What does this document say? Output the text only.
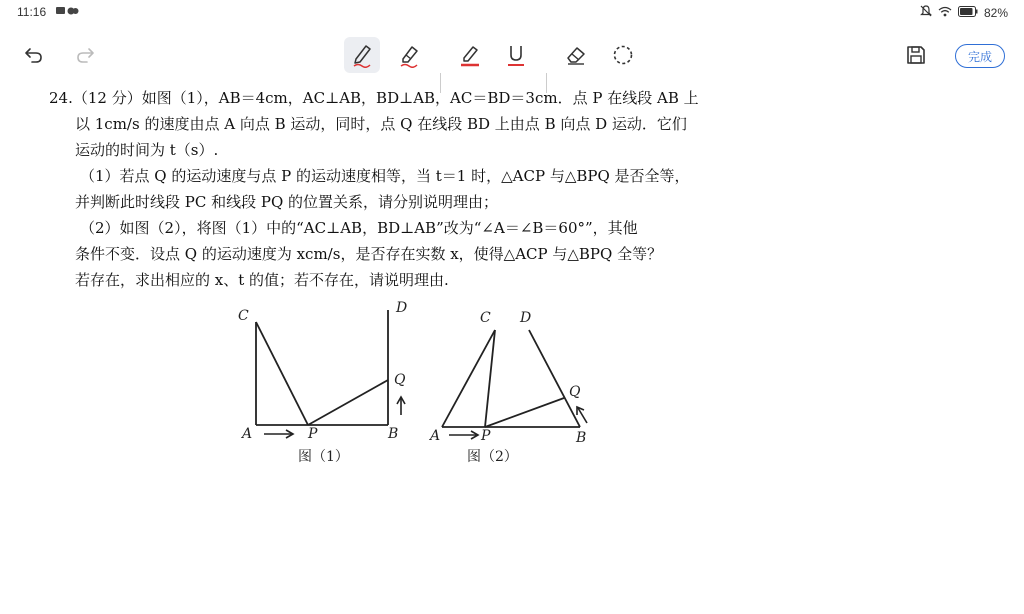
11:16	82%
完成
24.（12 分）如图（1），AB＝4cm，AC⊥AB，BD⊥AB，AC＝BD＝3cm．点 P 在线段 AB 上
以 1cm/s 的速度由点 A 向点 B 运动，同时，点 Q 在线段 BD 上由点 B 向点 D 运动．它们
运动的时间为 t（s）.
（1）若点 Q 的运动速度与点 P 的运动速度相等，当 t＝1 时，△ACP 与△BPQ 是否全等，
并判断此时线段 PC 和线段 PQ 的位置关系，请分别说明理由；
（2）如图（2），将图（1）中的“AC⊥AB，BD⊥AB”改为“∠A＝∠B＝60°”，其他
条件不变．设点 Q 的运动速度为 xcm/s，是否存在实数 x，使得△ACP 与△BPQ 全等？
若存在，求出相应的 x、t 的值；若不存在，请说明理由.
C	D
Q
A	P	B
图（1）
C D
Q
A	P	B
图（2）
